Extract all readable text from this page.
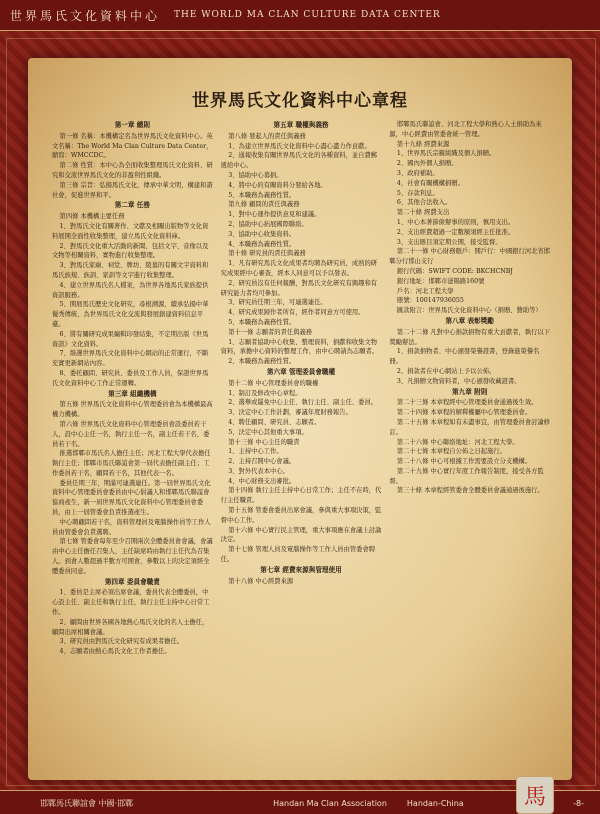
世界馬氏文化資料中心 THE WORLD MA CLAN CULTURE DATA CENTER
世界馬氏文化資料中心章程
第一章 總則

第一條 名稱：本機構定名為世界馬氏文化資料中心。英文名稱：The World Ma Clan Culture Data Center，縮寫：WMCCDC。

第二條 性質：本中心為全面收集整理馬氏文化資料、研究和交流世界馬氏文化的非盈利性組織。

第三條 宗旨：弘揚馬氏文化，傳承中華文明，構建和諧社會，促進世界和平。

第二章 任務

第四條 本機構主要任務

1、對馬氏文化有關著作、文獻及相關出版物等文化資料展開全面性收集整理，建立馬氏文化資料庫。

2、對馬氏文化重大活動的新聞，包括文字、音像以及文物等相關資料，實物進行收集整理。

3、對馬氏家廟、祠堂、牌坊、陵墓的有關文字資料和馬氏族規、族訓、家訓等文字進行收集整理。

4、建立世界馬氏名人檔案，為世界各地馬氏家族提供資訊服務。

5、開展馬氏歷史文化研究，尋根溯源，續承弘揚中華優秀傳統，為世界馬氏文化交流與發展創建資料信息平臺。

6、將有關研究成果編輯印發結集，不定期出版《世馬資訊》文化資料。

7、維護世界馬氏文化資料中心網站的正常運行，不斷充實更新網站內容。

8、委托顧問、研究員、委員及工作人員，保證世界馬氏文化資料中心工作正常運轉。

第三章 組織機構

第五條 世界馬氏文化資料中心管理委員會為本機構最高權力機構。

第六條 世界馬氏文化資料中心管理委員會設委員若干人，設中心主任一名，執行主任一名，副主任若干名，委員若干名。

推選邯鄲市馬氏名人擔任主任；河北工程大學代表擔任執行主任；邯鄲市馬氏聯誼會第一屆代表擔任副主任；工作委員若干名，顧問若干名，其他代表一名。

委員任期三年，期滿可連選連任。第一屆世界馬氏文化資料中心管理委員會委員由中心倡議人和邯鄲馬氏聯誼會協商產生，新一屆世界馬氏文化資料中心管理委員會委員，由上一屆管委會負責推選產生。

中心聘顧問若干名，資料管理員及電腦操作員等工作人員由管委會負責選聘。

第七條 管委會每年至少召開兩次全體委員會會議，會議由中心主任擔任召集人，主任缺席時由執行主任代為召集人。到會人數超過半數方可開會，參數以上的決定須經全體委員同意。

第四章 委員會職責

1、委員是主席必須出席會議，委員代表全體委員，中心設主任、副主任和執行主任，執行主任主持中心日常工作。

2、顧問由世界各國各地熱心馬氏文化的名人士擔任，顧問出席相關會議。

3、研究員由對馬氏文化研究有成果者擔任。

4、志願者由熱心馬氏文化工作者擔任。

第五章 職權與義務

第八條 發起人的責任與義務

1、為建立世界馬氏文化資料中心盡心盡力作貢獻。

2、通報收集有關世界馬氏文化的各種資料，並自費郵遞給中心。

3、協助中心募捐。

4、將中心的有關資料分發給各地。

5、本職務為義務性質。

第九條 顧問的責任與義務

1、對中心運作提供意見和建議。

2、協助中心拓展國際聯絡。

3、協助中心收集資料。

4、本職務為義務性質。

第十條 研究員的責任與義務

1、凡有研究馬氏文化成果者均聘為研究員，成熟的研究成果經中心審查，經本人同意可以予以發表。

2、研究員沒有任何報酬，對馬氏文化研究有興趣和有研究能力者均可參加。

3、研究員任期三年，可連選連任。

4、研究成果歸作者所有，經作者同意方可使用。

5、本職務為義務性質。

第十一條 志願者的責任與義務

1、志願者協助中心收集、整理資料，捐獻和收集文物資料，承擔中心資料的整理工作，由中心聘請為志願者。

2、本職務為義務性質。

第六章 管理委員會職權

第十二條 中心管理委員會的職權

1、制訂及修改中心章程。

2、選舉或罷免中心主任、執行主任、副主任、委員。

3、決定中心工作計劃，審議年度財務報告。

4、聘任顧問、研究員、志願者。

5、決定中心其他重大事項。

第十三條 中心主任的職責

1、主持中心工作。

2、主持召開中心會議。

3、對外代表本中心。

4、中心財務支出審批。

第十四條 執行主任主持中心日常工作；主任不在時，代行主任職責。

第十五條 管委會委員出席會議，參與重大事項決策，監督中心工作。

第十六條 中心實行民主管理，重大事項應在會議上討論決定。

第十七條 管理人員及電腦操作等工作人員由管委會聘任。

第七章 經費來源與管理使用

第十八條 中心經費來源

邯鄲馬氏聯誼會、河北工程大學和熱心人士捐助為來源，中心經費由管委會統一管理。

第十九條 經費來源

1、世界馬氏宗親組織及個人捐贈。

2、國內外個人捐贈。

3、政府補助。

4、社會有關機構捐贈。

5、存款利息。

6、其他合法收入。

第二十條 經費支出

1、中心本著節儉辦事的原則，慎用支出。

2、支出經費超過一定數額須經主任批准。

3、支出賬目須定期公開，接受監督。

第二十一條 中心財務賬戶：開戶行：中國銀行河北省邯鄲分行邯山支行

銀行代碼：SWIFT CODE: BKCHCNBJ

銀行地址：邯鄲市滏陽路160號

戶名：河北工程大學

賬號：100147936055

匯款附言：世界馬氏文化資料中心（捐贈、贊助等）

第八章 表彰獎勵

第二十二條 凡對中心捐款捐物有重大貢獻者，執行以下獎勵辦法。

1、捐款捐物者、中心頒發榮譽證書，登錄進榮譽名冊。

2、捐款者在中心網站上予以公佈。

3、凡捐贈文物資料者，中心頒發收藏證書。

第九章 附則

第二十三條 本章程經中心管理委員會通過後生效。

第二十四條 本章程的解釋權屬中心管理委員會。

第二十五條 本章程如有未盡事宜，由管理委員會討論修訂。

第二十六條 中心聯絡地址：河北工程大學。

第二十七條 本章程自公佈之日起施行。

第二十八條 中心可根據工作需要設立分支機構。

第二十九條 中心實行年度工作報告制度，接受各方監督。

第三十條 本章程經管委會全體委員會議通過後施行。

邯鄲馬氏聯誼會 中國·邯鄲	Handan Ma Clan Association	Handan-China	-8-
馬
